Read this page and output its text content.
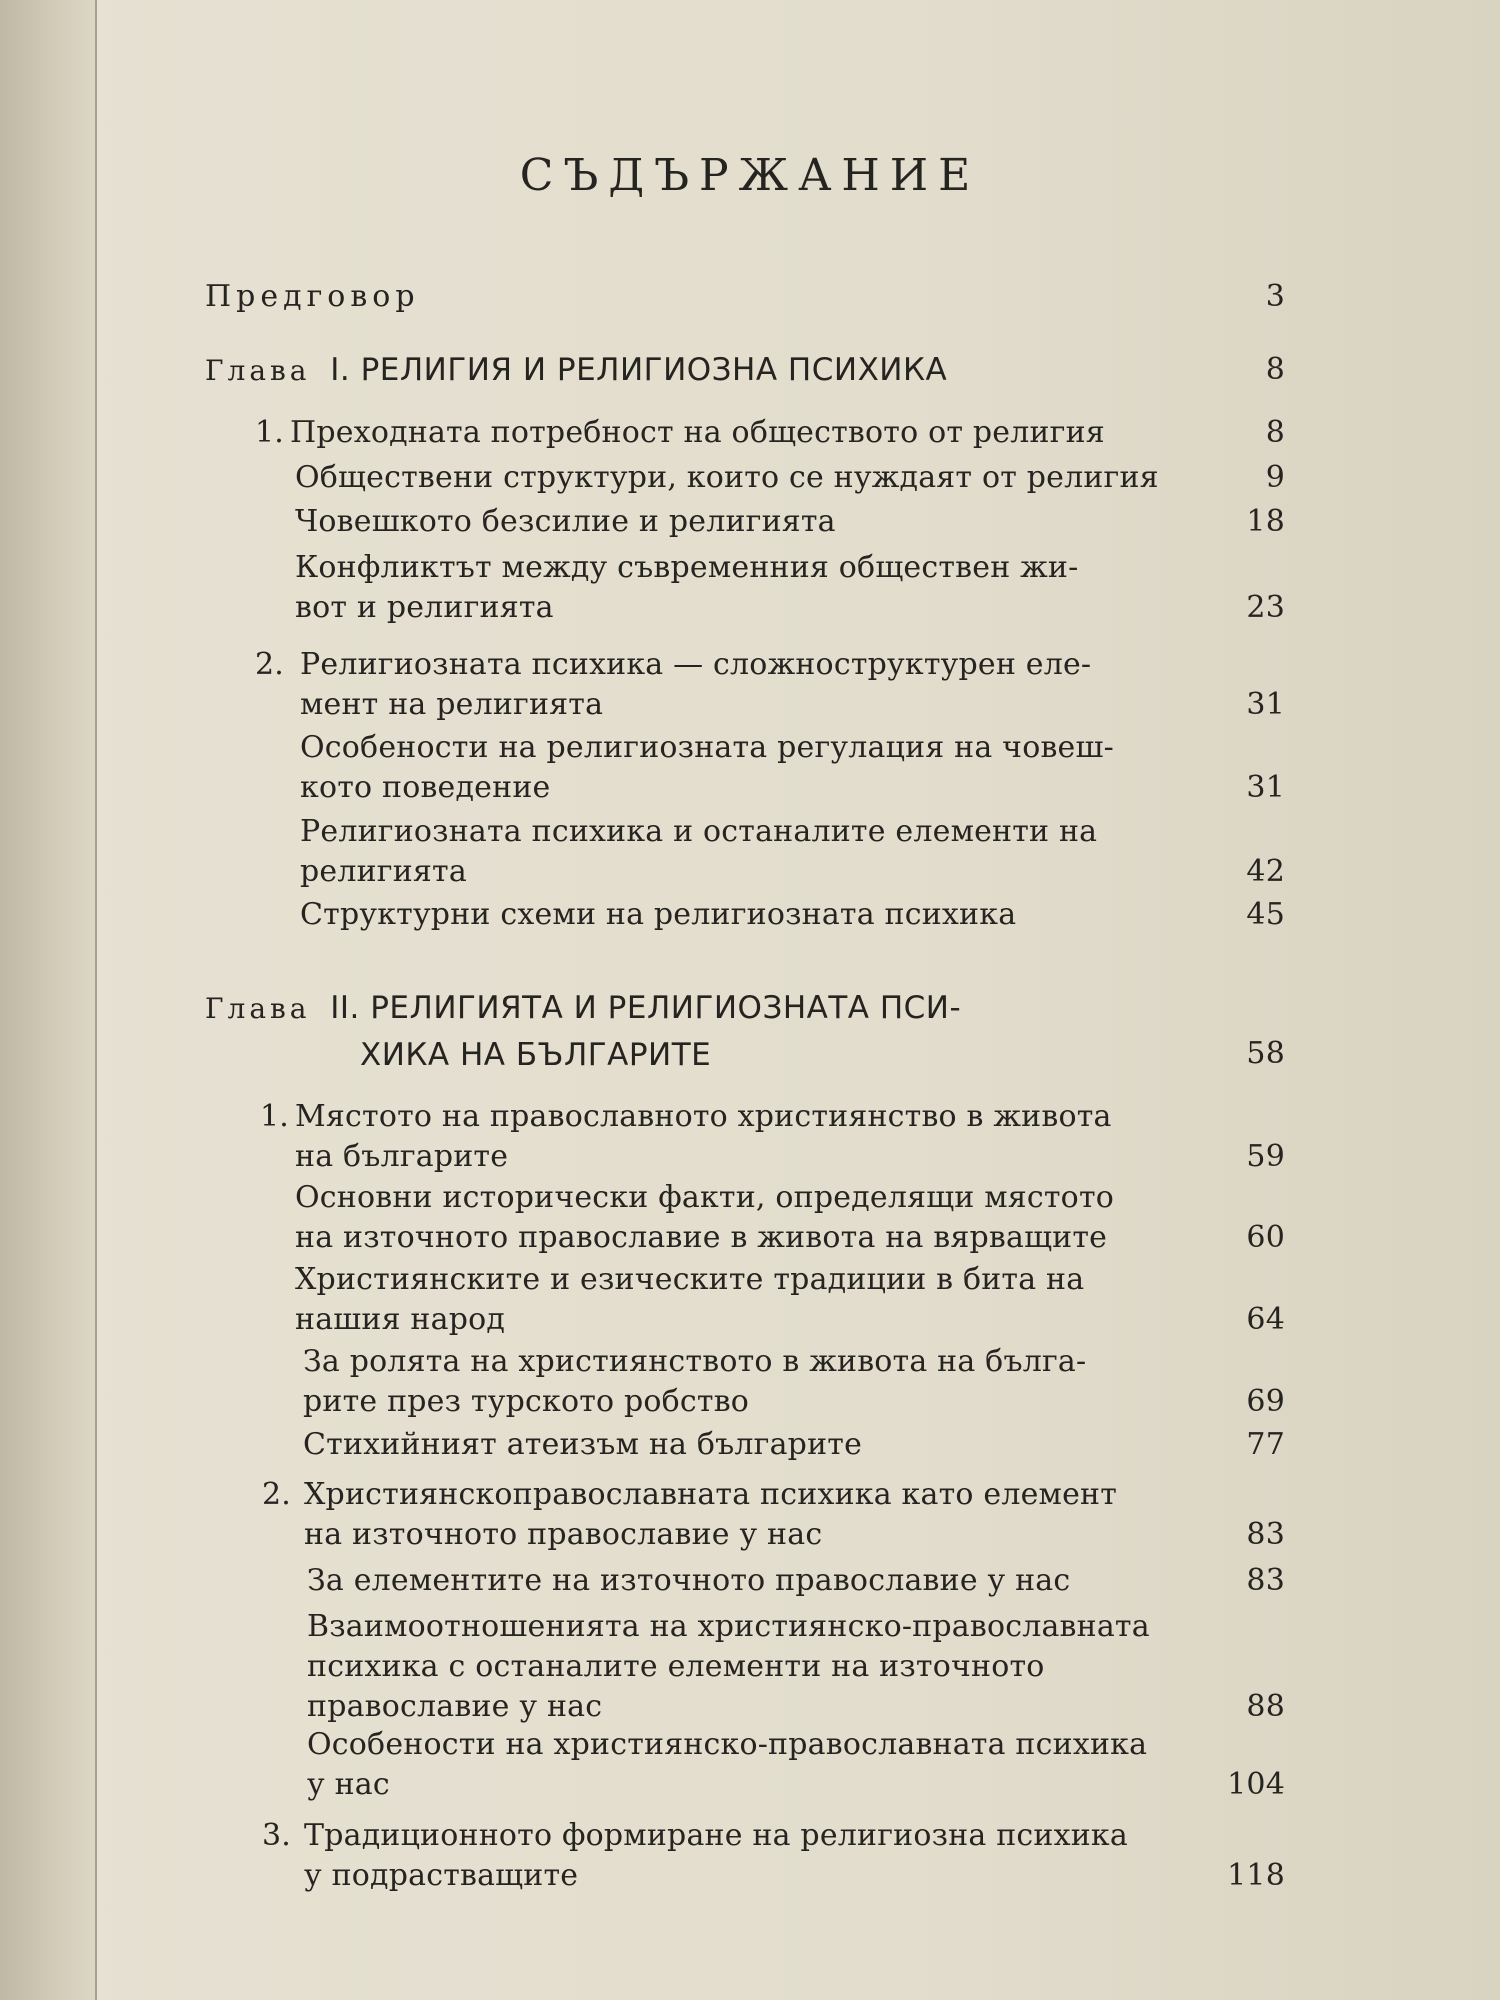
СЪДЪРЖАНИЕ
Предговор	3
Глава I. РЕЛИГИЯ И РЕЛИГИОЗНА ПСИХИКА	8
1. Преходната потребност на обществото от религия	8
Обществени структури, които се нуждаят от религия	9
Човешкото безсилие и религията	18
Конфликтът между съвременния обществен жи-
вот и религията	23
2. Религиозната психика — сложноструктурен еле-
мент на религията	31
Особености на религиозната регулация на човеш-
кото поведение	31
Религиозната психика и останалите елементи на
религията	42
Структурни схеми на религиозната психика	45
Глава II. РЕЛИГИЯТА И РЕЛИГИОЗНАТА ПСИ-
ХИКА НА БЪЛГАРИТЕ	58
1. Мястото на православното християнство в живота
на българите	59
Основни исторически факти, определящи мястото
на източното православие в живота на вярващите	60
Християнските и езическите традиции в бита на
нашия народ	64
За ролята на християнството в живота на бълга-
рите през турското робство	69
Стихийният атеизъм на българите	77
2. Християнскоправославната психика като елемент
на източното православие у нас	83
За елементите на източното православие у нас	83
Взаимоотношенията на християнско-православната
психика с останалите елементи на източното
православие у нас	88
Особености на християнско-православната психика
у нас	104
3. Традиционното формиране на религиозна психика
у подрастващите	118
